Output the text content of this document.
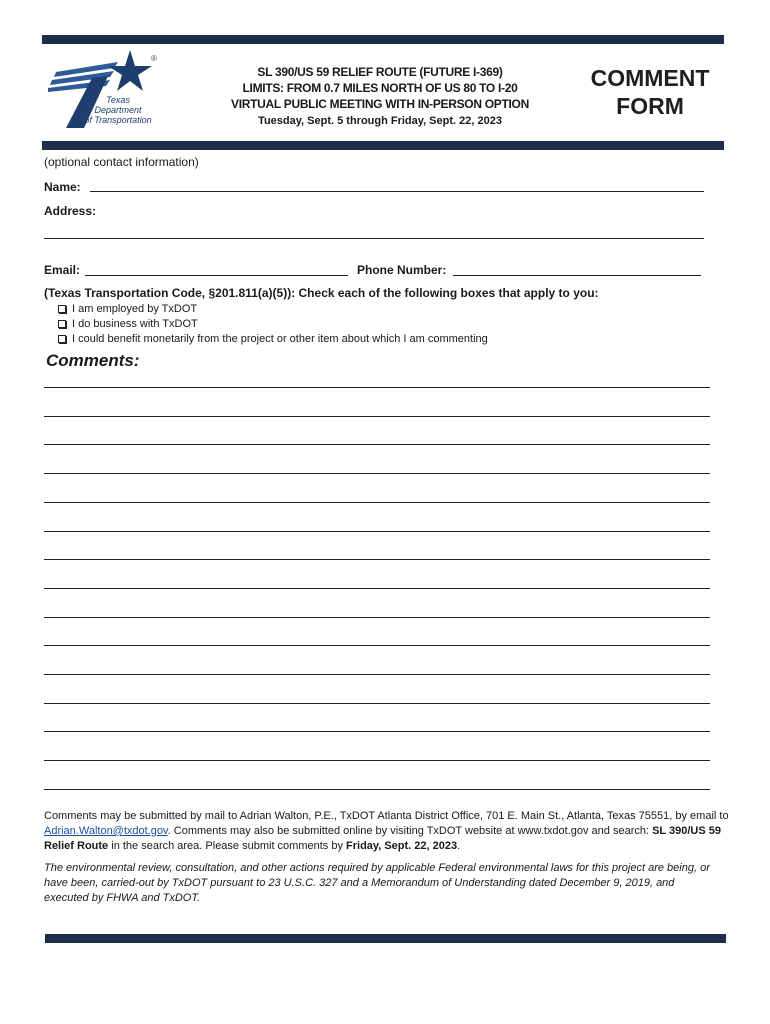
Texas
Department
of Transportation
®
SL 390/US 59 RELIEF ROUTE (FUTURE I-369)
LIMITS: FROM 0.7 MILES NORTH OF US 80 TO I-20
VIRTUAL PUBLIC MEETING WITH IN-PERSON OPTION
Tuesday, Sept. 5 through Friday, Sept. 22, 2023
COMMENT
FORM
(optional contact information)
Name:
Address:
Email:	Phone Number:
(Texas Transportation Code, §201.811(a)(5)): Check each of the following boxes that apply to you:
I am employed by TxDOT
I do business with TxDOT
I could benefit monetarily from the project or other item about which I am commenting
Comments:
Comments may be submitted by mail to Adrian Walton, P.E., TxDOT Atlanta District Office, 701 E. Main St., Atlanta, Texas 75551, by email to Adrian.Walton@txdot.gov. Comments may also be submitted online by visiting TxDOT website at www.txdot.gov and search: SL 390/US 59 Relief Route in the search area. Please submit comments by Friday, Sept. 22, 2023.
The environmental review, consultation, and other actions required by applicable Federal environmental laws for this project are being, or have been, carried-out by TxDOT pursuant to 23 U.S.C. 327 and a Memorandum of Understanding dated December 9, 2019, and executed by FHWA and TxDOT.
